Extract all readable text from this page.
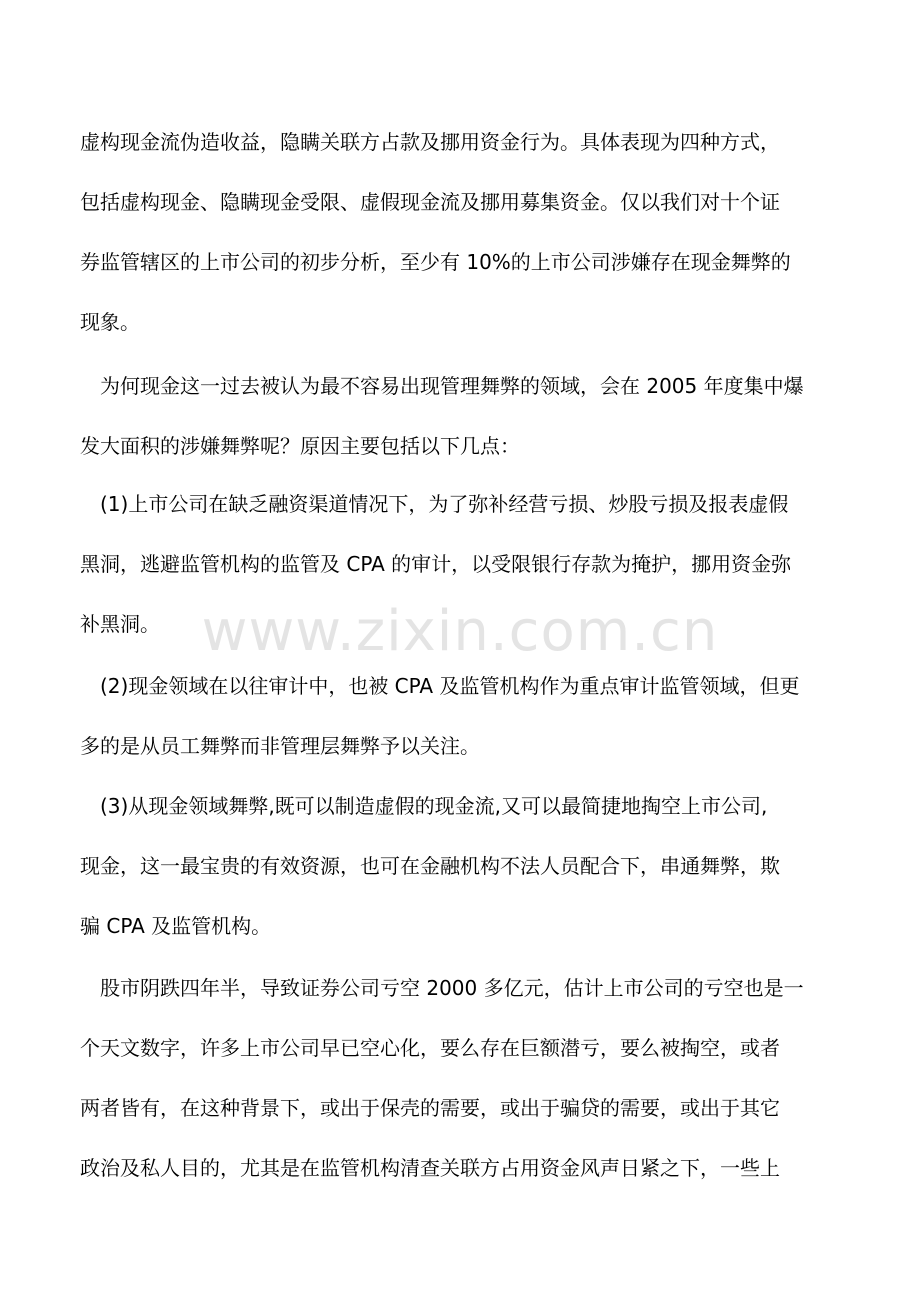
www.zixin.com.cn
虚构现金流伪造收益，隐瞒关联方占款及挪用资金行为。具体表现为四种方式，
包括虚构现金、隐瞒现金受限、虚假现金流及挪用募集资金。仅以我们对十个证
券监管辖区的上市公司的初步分析，至少有 10%的上市公司涉嫌存在现金舞弊的
现象。
为何现金这一过去被认为最不容易出现管理舞弊的领域，会在 2005 年度集中爆
发大面积的涉嫌舞弊呢？原因主要包括以下几点：
(1)上市公司在缺乏融资渠道情况下，为了弥补经营亏损、炒股亏损及报表虚假
黑洞，逃避监管机构的监管及 CPA 的审计，以受限银行存款为掩护，挪用资金弥
补黑洞。
(2)现金领域在以往审计中，也被 CPA 及监管机构作为重点审计监管领域，但更
多的是从员工舞弊而非管理层舞弊予以关注。
(3)从现金领域舞弊,既可以制造虚假的现金流,又可以最简捷地掏空上市公司,
现金，这一最宝贵的有效资源，也可在金融机构不法人员配合下，串通舞弊，欺
骗 CPA 及监管机构。
股市阴跌四年半，导致证券公司亏空 2000 多亿元，估计上市公司的亏空也是一
个天文数字，许多上市公司早已空心化，要么存在巨额潜亏，要么被掏空，或者
两者皆有，在这种背景下，或出于保壳的需要，或出于骗贷的需要，或出于其它
政治及私人目的，尤其是在监管机构清查关联方占用资金风声日紧之下，一些上
